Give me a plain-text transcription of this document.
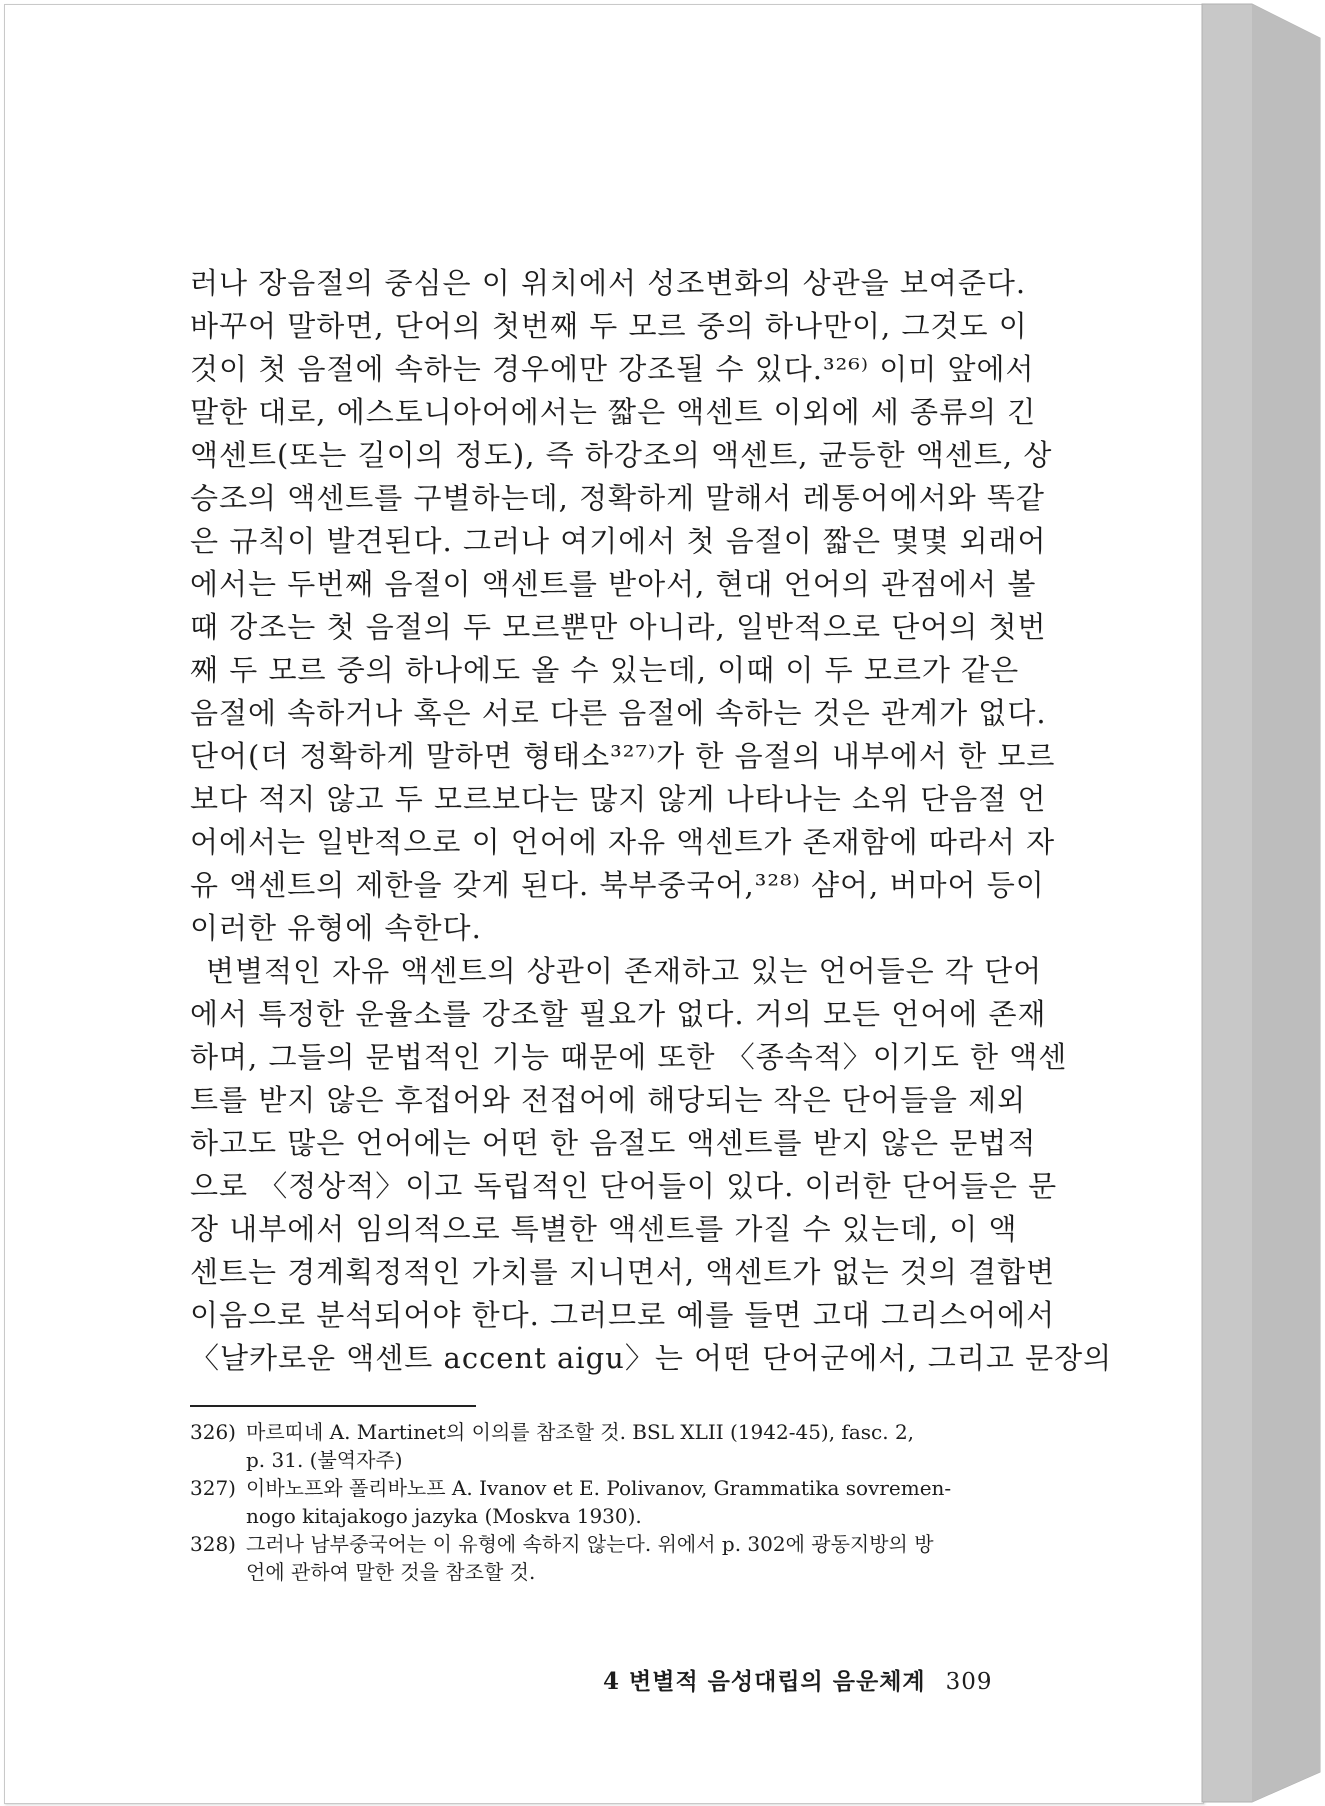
러나 장음절의 중심은 이 위치에서 성조변화의 상관을 보여준다.
바꾸어 말하면, 단어의 첫번째 두 모르 중의 하나만이, 그것도 이
것이 첫 음절에 속하는 경우에만 강조될 수 있다.³²⁶⁾ 이미 앞에서
말한 대로, 에스토니아어에서는 짧은 액센트 이외에 세 종류의 긴
액센트(또는 길이의 정도), 즉 하강조의 액센트, 균등한 액센트, 상
승조의 액센트를 구별하는데, 정확하게 말해서 레통어에서와 똑같
은 규칙이 발견된다. 그러나 여기에서 첫 음절이 짧은 몇몇 외래어
에서는 두번째 음절이 액센트를 받아서, 현대 언어의 관점에서 볼
때 강조는 첫 음절의 두 모르뿐만 아니라, 일반적으로 단어의 첫번
째 두 모르 중의 하나에도 올 수 있는데, 이때 이 두 모르가 같은
음절에 속하거나 혹은 서로 다른 음절에 속하는 것은 관계가 없다.
단어(더 정확하게 말하면 형태소³²⁷⁾가 한 음절의 내부에서 한 모르
보다 적지 않고 두 모르보다는 많지 않게 나타나는 소위 단음절 언
어에서는 일반적으로 이 언어에 자유 액센트가 존재함에 따라서 자
유 액센트의 제한을 갖게 된다. 북부중국어,³²⁸⁾ 샴어, 버마어 등이
이러한 유형에 속한다.
변별적인 자유 액센트의 상관이 존재하고 있는 언어들은 각 단어
에서 특정한 운율소를 강조할 필요가 없다. 거의 모든 언어에 존재
하며, 그들의 문법적인 기능 때문에 또한 〈종속적〉이기도 한 액센
트를 받지 않은 후접어와 전접어에 해당되는 작은 단어들을 제외
하고도 많은 언어에는 어떤 한 음절도 액센트를 받지 않은 문법적
으로 〈정상적〉이고 독립적인 단어들이 있다. 이러한 단어들은 문
장 내부에서 임의적으로 특별한 액센트를 가질 수 있는데, 이 액
센트는 경계획정적인 가치를 지니면서, 액센트가 없는 것의 결합변
이음으로 분석되어야 한다. 그러므로 예를 들면 고대 그리스어에서
〈날카로운 액센트 accent aigu〉는 어떤 단어군에서, 그리고 문장의
326) 마르띠네 A. Martinet의 이의를 참조할 것. BSL XLII (1942-45), fasc. 2,
p. 31. (불역자주)
327) 이바노프와 폴리바노프 A. Ivanov et E. Polivanov, Grammatika sovremen-
nogo kitajakogo jazyka (Moskva 1930).
328) 그러나 남부중국어는 이 유형에 속하지 않는다. 위에서 p. 302에 광동지방의 방
언에 관하여 말한 것을 참조할 것.
4 변별적 음성대립의 음운체계 309
